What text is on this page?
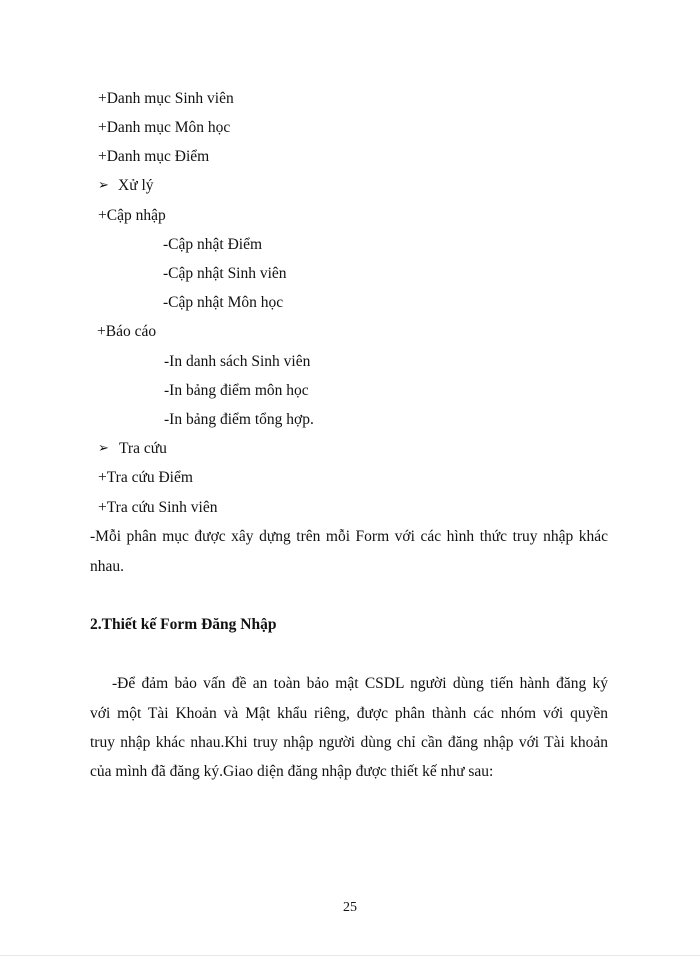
+Danh mục Sinh viên
+Danh mục Môn học
+Danh mục Điểm
➢ Xử lý
+Cập nhập
-Cập nhật Điểm
-Cập nhật Sinh viên
-Cập nhật Môn học
+Báo cáo
-In danh sách Sinh viên
-In bảng điểm môn học
-In bảng điểm tổng hợp.
➢ Tra cứu
+Tra cứu Điểm
+Tra cứu Sinh viên
-Mỗi phân mục được xây dựng trên mỗi Form với các hình thức truy nhập khác
nhau.
2.Thiết kế Form Đăng Nhập
-Để đảm bảo vấn đề an toàn bảo mật CSDL người dùng tiến hành đăng ký
với một Tài Khoản và Mật khẩu riêng, được phân thành các nhóm với quyền
truy nhập khác nhau.Khi truy nhập người dùng chỉ cần đăng nhập với Tài khoản
của mình đã đăng ký.Giao diện đăng nhập được thiết kế như sau:
25
